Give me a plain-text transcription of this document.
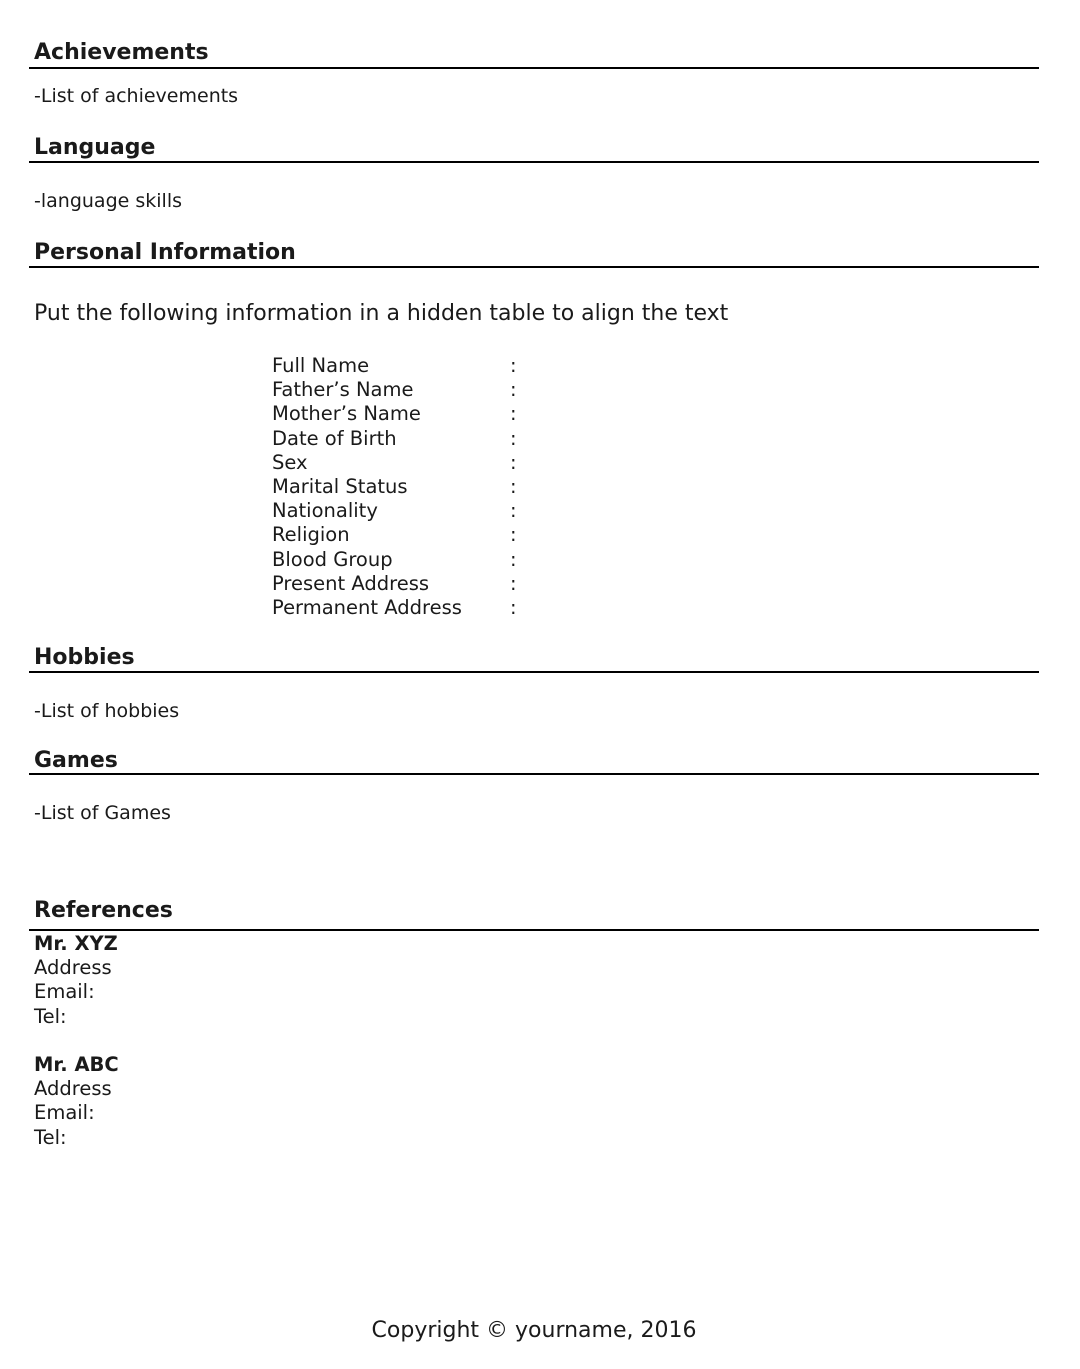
Achievements
-List of achievements
Language
-language skills
Personal Information
Put the following information in a hidden table to align the text
Full Name	:
Father’s Name	:
Mother’s Name	:
Date of Birth	:
Sex	:
Marital Status	:
Nationality	:
Religion	:
Blood Group	:
Present Address	:
Permanent Address	:
Hobbies
-List of hobbies
Games
-List of Games
References
Mr. XYZ
Address
Email:
Tel:
Mr. ABC
Address
Email:
Tel:
Copyright © yourname, 2016
